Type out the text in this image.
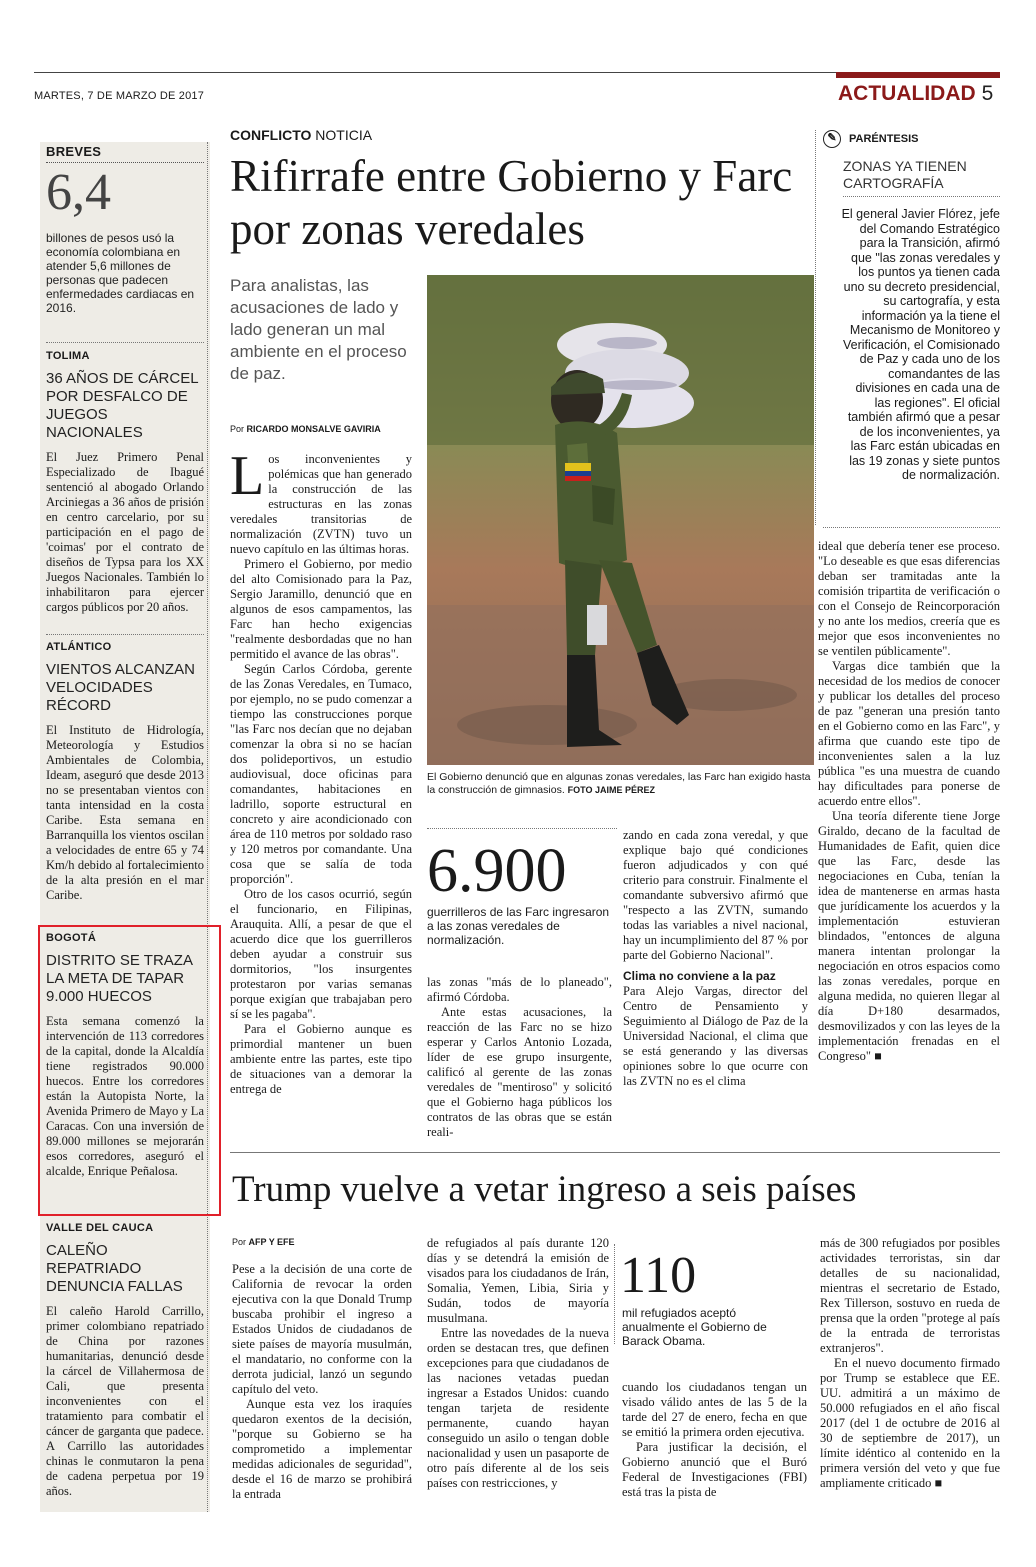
MARTES, 7 DE MARZO DE 2017	ACTUALIDAD 5
BREVES
6,4
billones de pesos usó la economía colombiana en atender 5,6 millones de personas que padecen enfermedades cardiacas en 2016.
TOLIMA
36 AÑOS DE CÁRCEL POR DESFALCO DE JUEGOS NACIONALES
El Juez Primero Penal Especializado de Ibagué sentenció al abogado Orlando Arciniegas a 36 años de prisión en centro carcelario, por su participación en el pago de 'coimas' por el contrato de diseños de Typsa para los XX Juegos Nacionales. También lo inhabilitaron para ejercer cargos públicos por 20 años.
ATLÁNTICO
VIENTOS ALCANZAN VELOCIDADES RÉCORD
El Instituto de Hidrología, Meteorología y Estudios Ambientales de Colombia, Ideam, aseguró que desde 2013 no se presentaban vientos con tanta intensidad en la costa Caribe. Esta semana en Barranquilla los vientos oscilan a velocidades de entre 65 y 74 Km/h debido al fortalecimiento de la alta presión en el mar Caribe.
BOGOTÁ
DISTRITO SE TRAZA LA META DE TAPAR 9.000 HUECOS
Esta semana comenzó la intervención de 113 corredores de la capital, donde la Alcaldía tiene registrados 90.000 huecos. Entre los corredores están la Autopista Norte, la Avenida Primero de Mayo y La Caracas. Con una inversión de 89.000 millones se mejorarán esos corredores, aseguró el alcalde, Enrique Peñalosa.
VALLE DEL CAUCA
CALEÑO REPATRIADO DENUNCIA FALLAS
El caleño Harold Carrillo, primer colombiano repatriado de China por razones humanitarias, denunció desde la cárcel de Villahermosa de Cali, que presenta inconvenientes con el tratamiento para combatir el cáncer de garganta que padece. A Carrillo las autoridades chinas le conmutaron la pena de cadena perpetua por 19 años.
CONFLICTO NOTICIA
Rifirrafe entre Gobierno y Farc por zonas veredales
Para analistas, las acusaciones de lado y lado generan un mal ambiente en el proceso de paz.
Por RICARDO MONSALVE GAVIRIA
El Gobierno denunció que en algunas zonas veredales, las Farc han exigido hasta la construcción de gimnasios. FOTO JAIME PÉREZ

Los inconvenientes y polémicas que han generado la construcción de las estructuras en las zonas veredales transitorias de normalización (ZVTN) tuvo un nuevo capítulo en las últimas horas.

Primero el Gobierno, por medio del alto Comisionado para la Paz, Sergio Jaramillo, denunció que en algunos de esos campamentos, las Farc han hecho exigencias "realmente desbordadas que no han permitido el avance de las obras".

Según Carlos Córdoba, gerente de las Zonas Veredales, en Tumaco, por ejemplo, no se pudo comenzar a tiempo las construcciones porque "las Farc nos decían que no dejaban comenzar la obra si no se hacían dos polideportivos, un estudio audiovisual, doce oficinas para comandantes, habitaciones en ladrillo, soporte estructural en concreto y aire acondicionado con área de 110 metros por soldado raso y 120 metros por comandante. Una cosa que se salía de toda proporción".

Otro de los casos ocurrió, según el funcionario, en Filipinas, Arauquita. Allí, a pesar de que el acuerdo dice que los guerrilleros deben ayudar a construir sus dormitorios, "los insurgentes protestaron por varias semanas porque exigían que trabajaban pero sí se les pagaba".

Para el Gobierno aunque es primordial mantener un buen ambiente entre las partes, este tipo de situaciones van a demorar la entrega de

6.900
guerrilleros de las Farc ingresaron a las zonas veredales de normalización.

las zonas "más de lo planeado", afirmó Córdoba.

Ante estas acusaciones, la reacción de las Farc no se hizo esperar y Carlos Antonio Lozada, líder de ese grupo insurgente, calificó al gerente de las zonas veredales de "mentiroso" y solicitó que el Gobierno haga públicos los contratos de las obras que se están reali-

zando en cada zona veredal, y que explique bajo qué condiciones fueron adjudicados y con qué criterio para construir. Finalmente el comandante subversivo afirmó que "respecto a las ZVTN, sumando todas las variables a nivel nacional, hay un incumplimiento del 87 % por parte del Gobierno Nacional".

Clima no conviene a la paz

Para Alejo Vargas, director del Centro de Pensamiento y Seguimiento al Diálogo de Paz de la Universidad Nacional, el clima que se está generando y las diversas opiniones sobre lo que ocurre con las ZVTN no es el clima

✎ PARÉNTESIS
ZONAS YA TIENEN CARTOGRAFÍA
El general Javier Flórez, jefe del Comando Estratégico para la Transición, afirmó que "las zonas veredales y los puntos ya tienen cada uno su decreto presidencial, su cartografía, y esta información ya la tiene el Mecanismo de Monitoreo y Verificación, el Comisionado de Paz y cada uno de los comandantes de las divisiones en cada una de las regiones". El oficial también afirmó que a pesar de los inconvenientes, ya las Farc están ubicadas en las 19 zonas y siete puntos de normalización.

ideal que debería tener ese proceso. "Lo deseable es que esas diferencias deban ser tramitadas ante la comisión tripartita de verificación o con el Consejo de Reincorporación y no ante los medios, creería que es mejor que esos inconvenientes no se ventilen públicamente".

Vargas dice también que la necesidad de los medios de conocer y publicar los detalles del proceso de paz "generan una presión tanto en el Gobierno como en las Farc", y afirma que cuando este tipo de inconvenientes salen a la luz pública "es una muestra de cuando hay dificultades para ponerse de acuerdo entre ellos".

Una teoría diferente tiene Jorge Giraldo, decano de la facultad de Humanidades de Eafit, quien dice que las Farc, desde las negociaciones en Cuba, tenían la idea de mantenerse en armas hasta que jurídicamente los acuerdos y la implementación estuvieran blindados, "entonces de alguna manera intentan prolongar la negociación en otros espacios como las zonas veredales, porque en alguna medida, no quieren llegar al día D+180 desarmados, desmovilizados y con las leyes de la implementación frenadas en el Congreso" ■

Trump vuelve a vetar ingreso a seis países
Por AFP Y EFE

Pese a la decisión de una corte de California de revocar la orden ejecutiva con la que Donald Trump buscaba prohibir el ingreso a Estados Unidos de ciudadanos de siete países de mayoría musulmán, el mandatario, no conforme con la derrota judicial, lanzó un segundo capítulo del veto.

Aunque esta vez los iraquíes quedaron exentos de la decisión, "porque su Gobierno se ha comprometido a implementar medidas adicionales de seguridad", desde el 16 de marzo se prohibirá la entrada

de refugiados al país durante 120 días y se detendrá la emisión de visados para los ciudadanos de Irán, Somalia, Yemen, Libia, Siria y Sudán, todos de mayoría musulmana.

Entre las novedades de la nueva orden se destacan tres, que definen excepciones para que ciudadanos de las naciones vetadas puedan ingresar a Estados Unidos: cuando tengan tarjeta de residente permanente, cuando hayan conseguido un asilo o tengan doble nacionalidad y usen un pasaporte de otro país diferente al de los seis países con restricciones, y

110
mil refugiados aceptó anualmente el Gobierno de Barack Obama.

cuando los ciudadanos tengan un visado válido antes de las 5 de la tarde del 27 de enero, fecha en que se emitió la primera orden ejecutiva.

Para justificar la decisión, el Gobierno anunció que el Buró Federal de Investigaciones (FBI) está tras la pista de

más de 300 refugiados por posibles actividades terroristas, sin dar detalles de su nacionalidad, mientras el secretario de Estado, Rex Tillerson, sostuvo en rueda de prensa que la orden "protege al país de la entrada de terroristas extranjeros".

En el nuevo documento firmado por Trump se establece que EE. UU. admitirá a un máximo de 50.000 refugiados en el año fiscal 2017 (del 1 de octubre de 2016 al 30 de septiembre de 2017), un límite idéntico al contenido en la primera versión del veto y que fue ampliamente criticado ■
